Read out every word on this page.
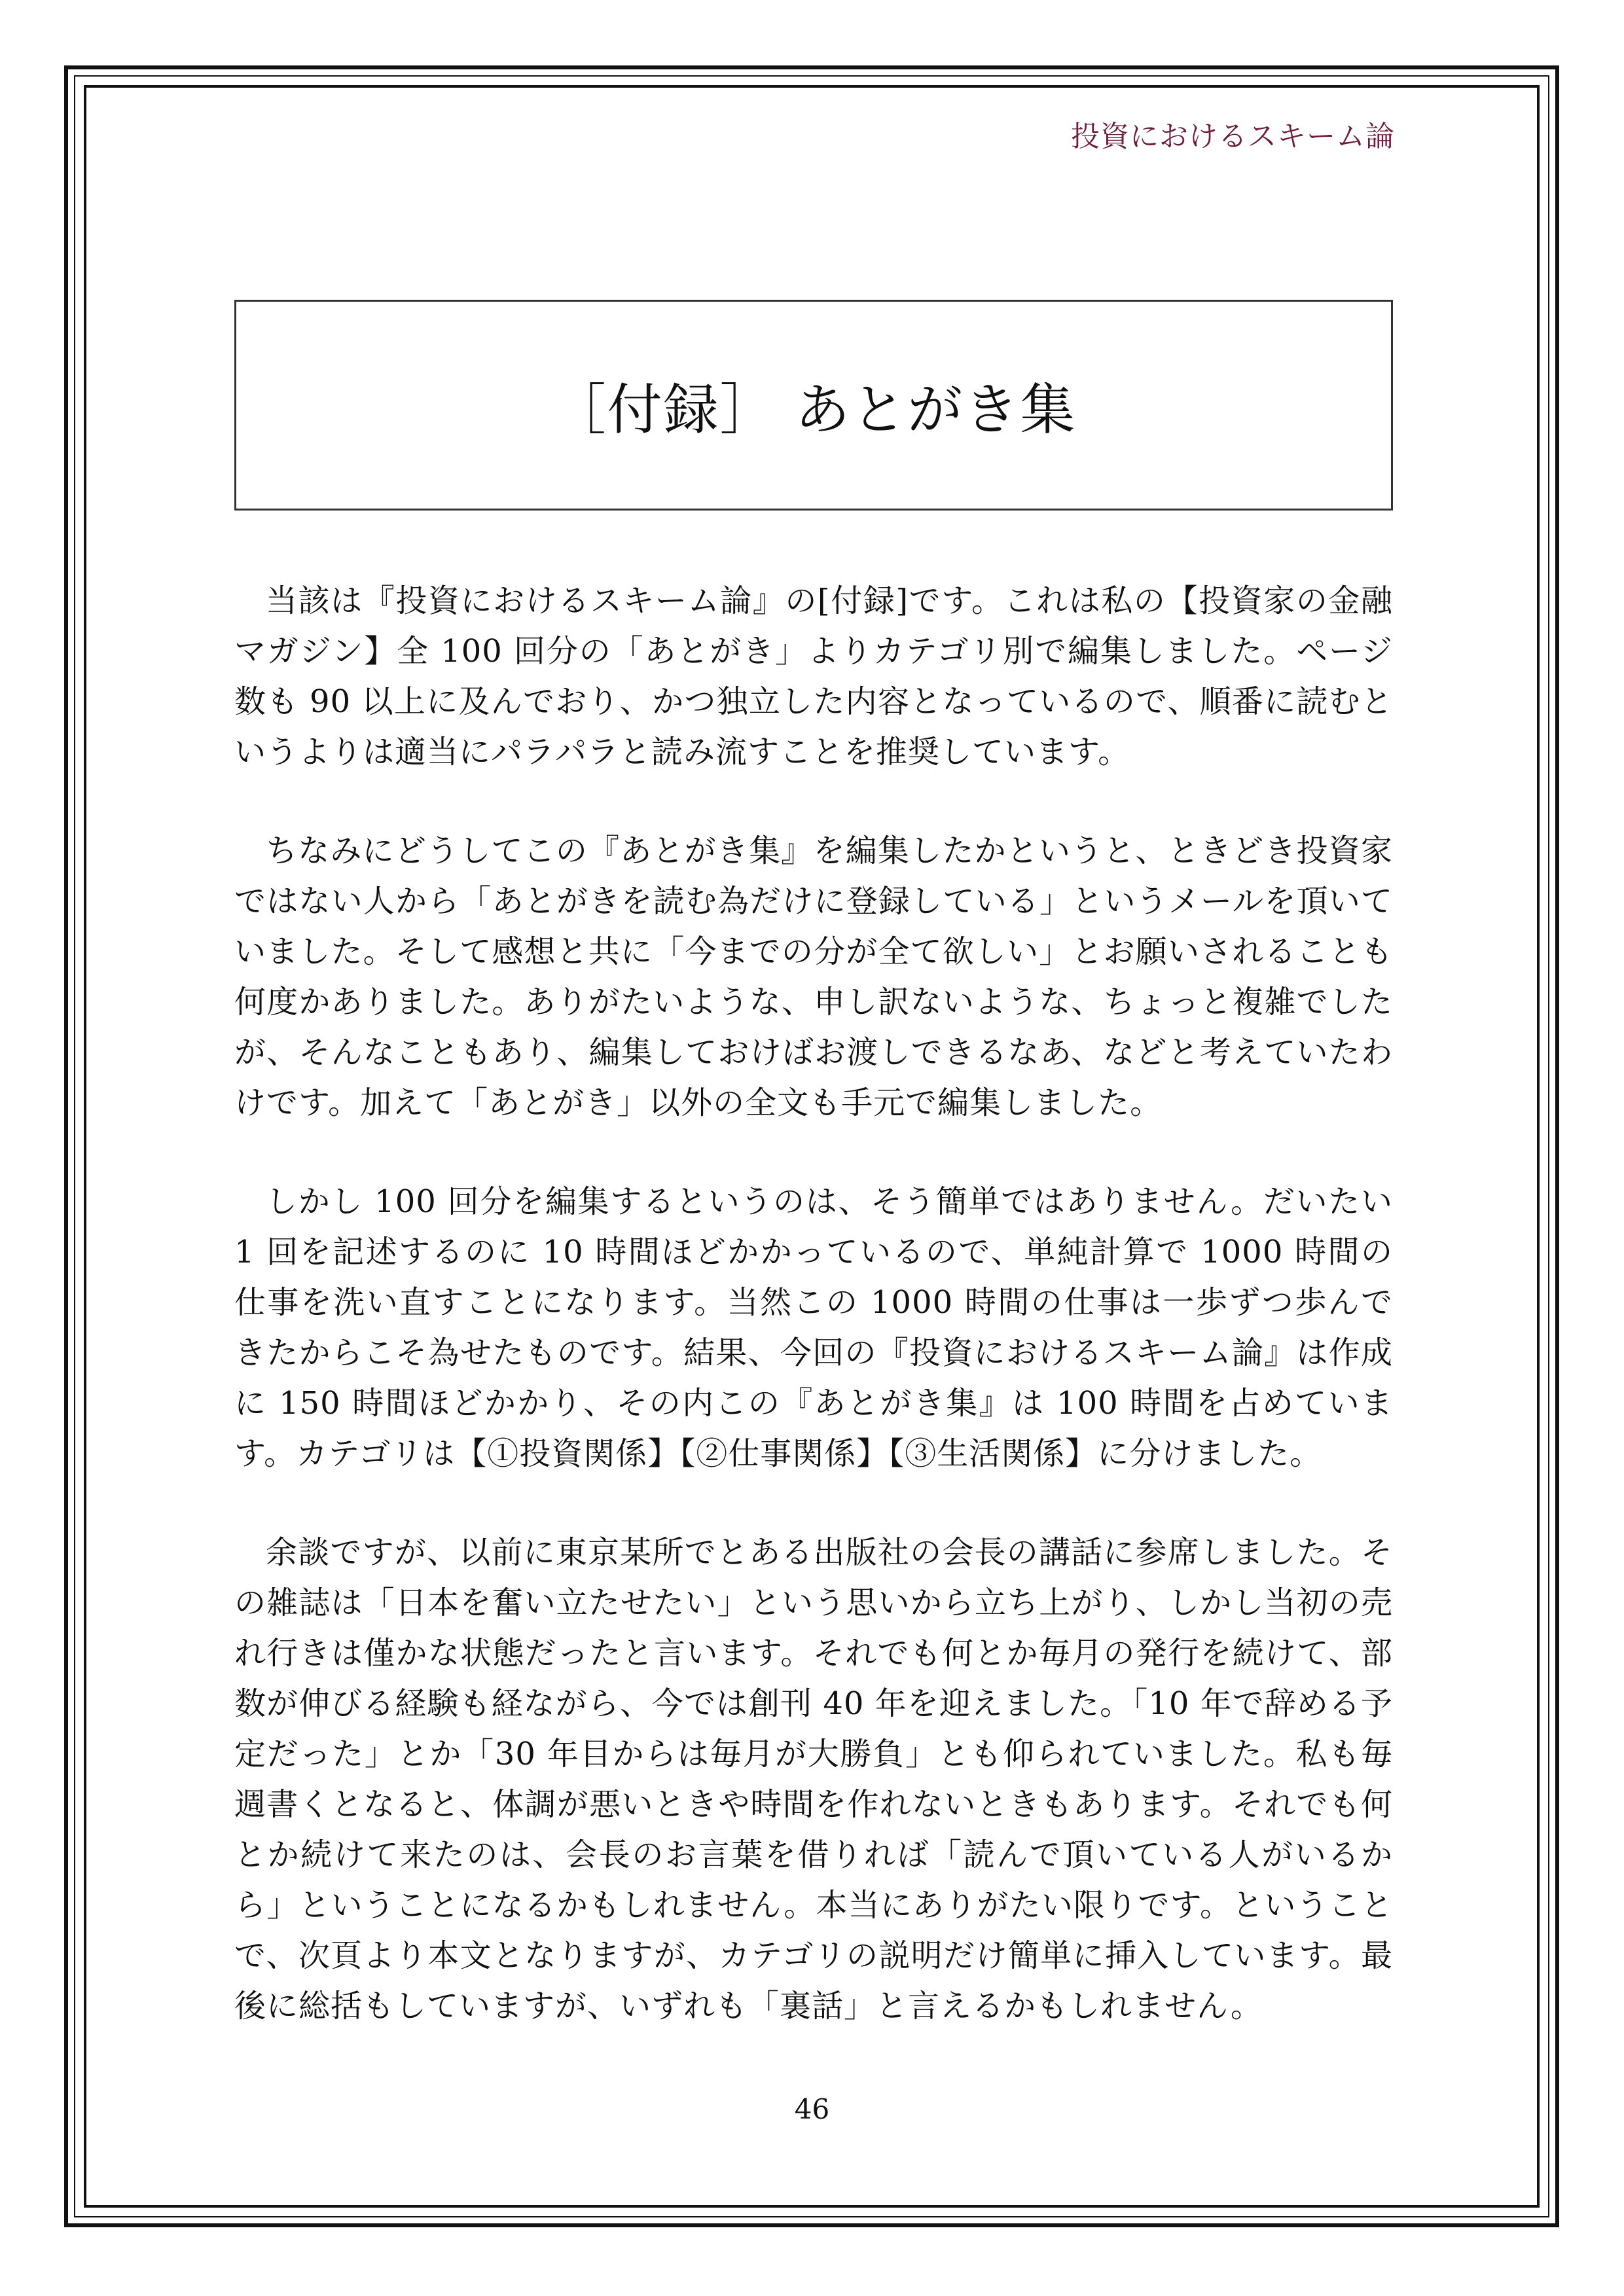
投資におけるスキーム論
［付録］ あとがき集

当該は『投資におけるスキーム論』の[付録]です。これは私の【投資家の金融マガジン】全 100 回分の「あとがき」よりカテゴリ別で編集しました。ページ数も 90 以上に及んでおり、かつ独立した内容となっているので、順番に読むというよりは適当にパラパラと読み流すことを推奨しています。

ちなみにどうしてこの『あとがき集』を編集したかというと、ときどき投資家ではない人から「あとがきを読む為だけに登録している」というメールを頂いていました。そして感想と共に「今までの分が全て欲しい」とお願いされることも何度かありました。ありがたいような、申し訳ないような、ちょっと複雑でしたが、そんなこともあり、編集しておけばお渡しできるなあ、などと考えていたわけです。加えて「あとがき」以外の全文も手元で編集しました。

しかし 100 回分を編集するというのは、そう簡単ではありません。だいたい 1 回を記述するのに 10 時間ほどかかっているので、単純計算で 1000 時間の仕事を洗い直すことになります。当然この 1000 時間の仕事は一歩ずつ歩んできたからこそ為せたものです。結果、今回の『投資におけるスキーム論』は作成に 150 時間ほどかかり、その内この『あとがき集』は 100 時間を占めています。カテゴリは【①投資関係】【②仕事関係】【③生活関係】に分けました。

余談ですが、以前に東京某所でとある出版社の会長の講話に参席しました。その雑誌は「日本を奮い立たせたい」という思いから立ち上がり、しかし当初の売れ行きは僅かな状態だったと言います。それでも何とか毎月の発行を続けて、部数が伸びる経験も経ながら、今では創刊 40 年を迎えました。「10 年で辞める予定だった」とか「30 年目からは毎月が大勝負」とも仰られていました。私も毎週書くとなると、体調が悪いときや時間を作れないときもあります。それでも何とか続けて来たのは、会長のお言葉を借りれば「読んで頂いている人がいるから」ということになるかもしれません。本当にありがたい限りです。ということで、次頁より本文となりますが、カテゴリの説明だけ簡単に挿入しています。最後に総括もしていますが、いずれも「裏話」と言えるかもしれません。

46
